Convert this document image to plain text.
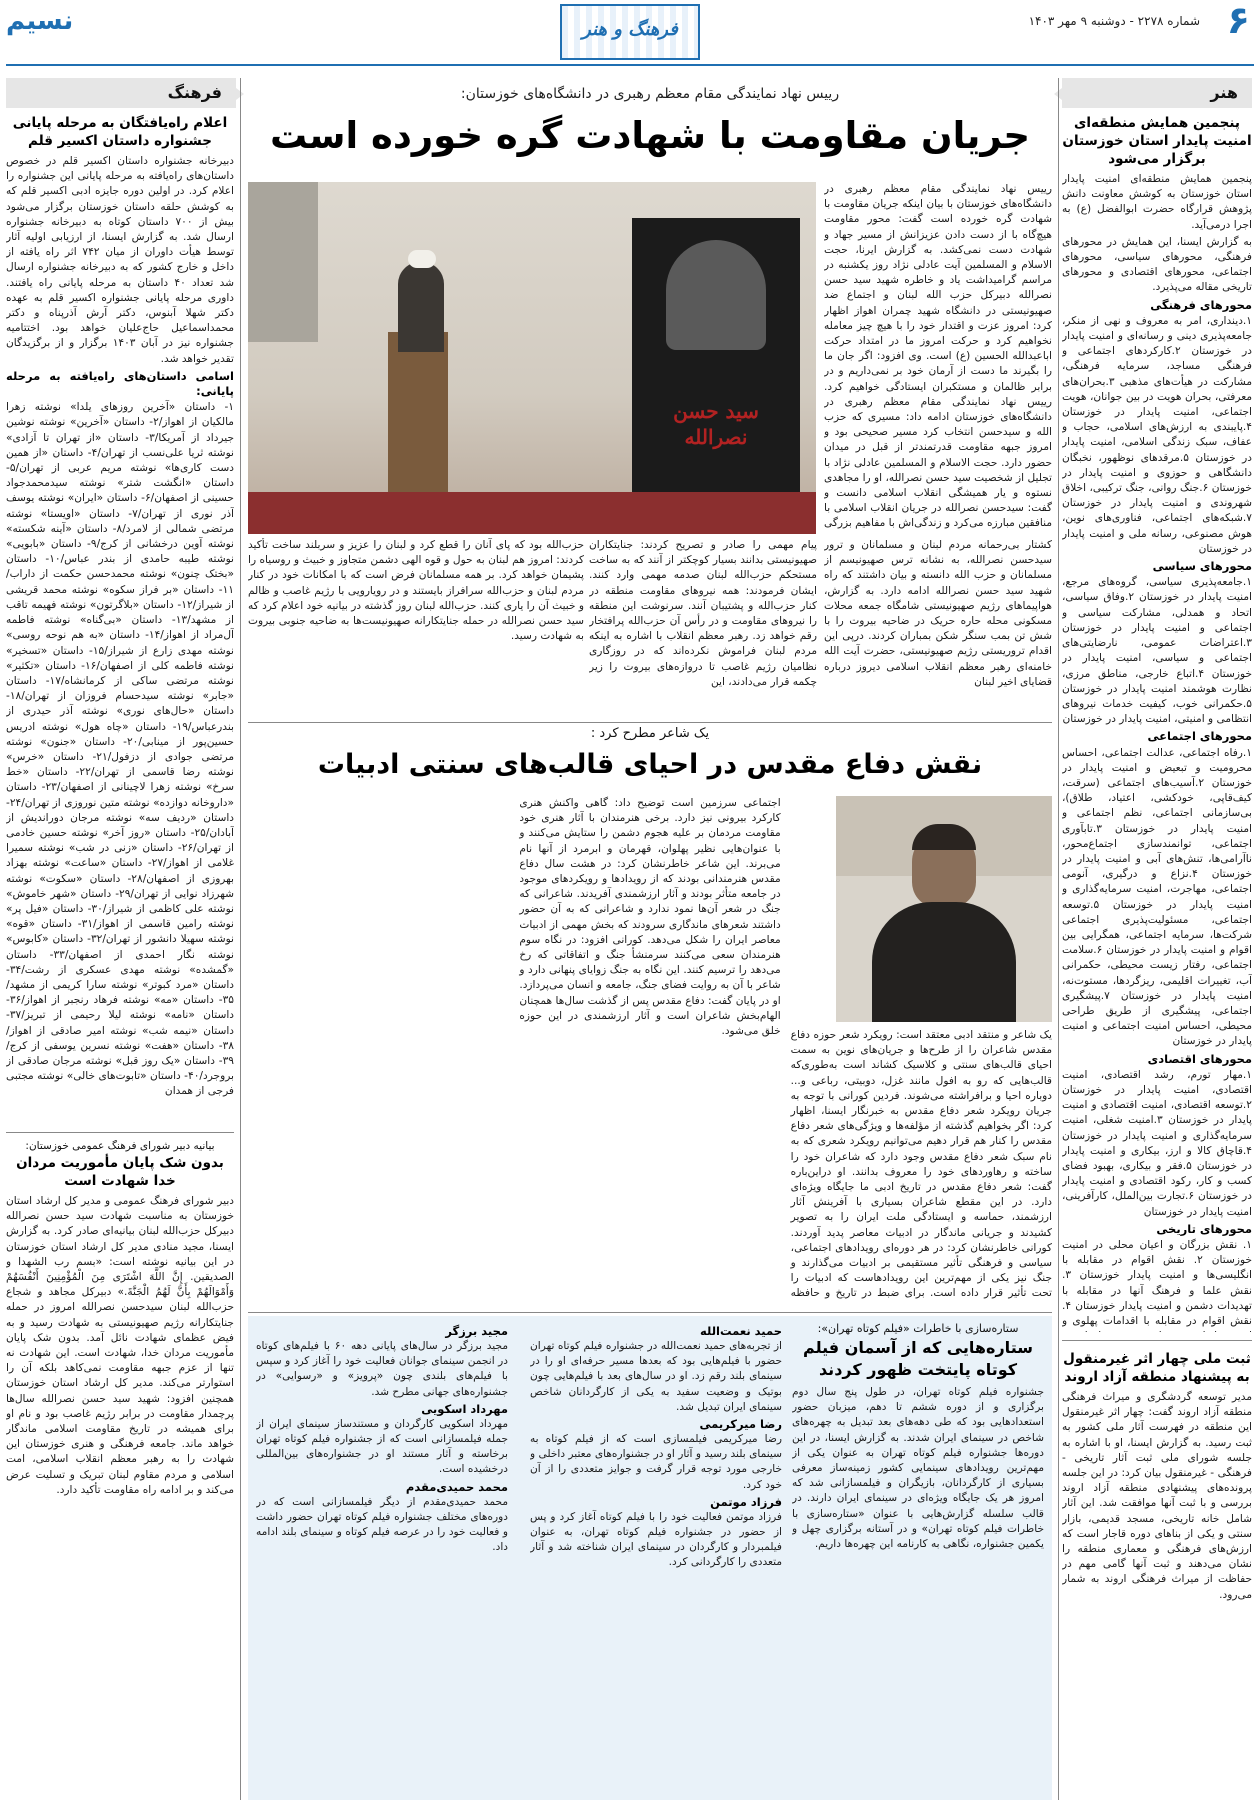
۶
شماره ۲۲۷۸ - دوشنبه ۹ مهر ۱۴۰۳
فرهنگ و هنر
نسیم
هنر
پنجمین همایش منطقه‌ای امنیت پایدار استان خوزستان برگزار می‌شود

پنجمین همایش منطقه‌ای امنیت پایدار استان خوزستان به کوشش معاونت دانش پژوهش قرارگاه حضرت ابوالفضل (ع) به اجرا درمی‌آید.

به گزارش ایسنا، این همایش در محورهای فرهنگی، محورهای سیاسی، محورهای اجتماعی، محورهای اقتصادی و محورهای تاریخی مقاله می‌پذیرد.

محورهای فرهنگی

۱.دینداری، امر به معروف و نهی از منکر، جامعه‌پذیری دینی و رسانه‌ای و امنیت پایدار در خوزستان ۲.کارکردهای اجتماعی و فرهنگی مساجد، سرمایه فرهنگی، مشارکت در هیأت‌های مذهبی ۳.بحران‌های معرفتی، بحران هویت در بین جوانان، هویت اجتماعی، امنیت پایدار در خوزستان ۴.پایبندی به ارزش‌های اسلامی، حجاب و عفاف، سبک زندگی اسلامی، امنیت پایدار در خوزستان ۵.مرقدهای نوظهور، نخبگان دانشگاهی و حوزوی و امنیت پایدار در خوزستان ۶.جنگ روانی، جنگ ترکیبی، اخلاق شهروندی و امنیت پایدار در خوزستان ۷.شبکه‌های اجتماعی، فناوری‌های نوین، هوش مصنوعی، رسانه ملی و امنیت پایدار در خوزستان

محورهای سیاسی

۱.جامعه‌پذیری سیاسی، گروه‌های مرجع، امنیت پایدار در خوزستان ۲.وفاق سیاسی، اتحاد و همدلی، مشارکت سیاسی و اجتماعی و امنیت پایدار در خوزستان ۳.اعتراضات عمومی، نارضایتی‌های اجتماعی و سیاسی، امنیت پایدار در خوزستان ۴.اتباع خارجی، مناطق مرزی، نظارت هوشمند امنیت پایدار در خوزستان ۵.حکمرانی خوب، کیفیت خدمات نیروهای انتظامی و امنیتی، امنیت پایدار در خوزستان

محورهای اجتماعی

۱.رفاه اجتماعی، عدالت اجتماعی، احساس محرومیت و تبعیض و امنیت پایدار در خوزستان ۲.آسیب‌های اجتماعی (سرقت، کیف‌قاپی، خودکشی، اعتیاد، طلاق)، بی‌سازمانی اجتماعی، نظم اجتماعی و امنیت پایدار در خوزستان ۳.تابآوری اجتماعی، توانمندسازی اجتماع‌محور، ناآرامی‌ها، تنش‌های آبی و امنیت پایدار در خوزستان ۴.نزاع و درگیری، آنومی اجتماعی، مهاجرت، امنیت سرمایه‌گذاری و امنیت پایدار در خوزستان ۵.توسعه اجتماعی، مسئولیت‌پذیری اجتماعی شرکت‌ها، سرمایه اجتماعی، همگرایی بین اقوام و امنیت پایدار در خوزستان ۶.سلامت اجتماعی، رفتار زیست محیطی، حکمرانی آب، تغییرات اقلیمی، ریزگردها، مستوت‌نه، امنیت پایدار در خوزستان ۷.پیشگیری اجتماعی، پیشگیری از طریق طراحی محیطی، احساس امنیت اجتماعی و امنیت پایدار در خوزستان

محورهای اقتصادی

۱.مهار تورم، رشد اقتصادی، امنیت اقتصادی، امنیت پایدار در خوزستان ۲.توسعه اقتصادی، امنیت اقتصادی و امنیت پایدار در خوزستان ۳.امنیت شغلی، امنیت سرمایه‌گذاری و امنیت پایدار در خوزستان ۴.قاچاق کالا و ارز، بیکاری و امنیت پایدار در خوزستان ۵.فقر و بیکاری، بهبود فضای کسب و کار، رکود اقتصادی و امنیت پایدار در خوزستان ۶.تجارت بین‌الملل، کارآفرینی، امنیت پایدار در خوزستان

محورهای تاریخی

۱. نقش بزرگان و اعیان محلی در امنیت خوزستان ۲. نقش اقوام در مقابله با انگلیسی‌ها و امنیت پایدار خوزستان ۳. نقش علما و فرهنگ آنها در مقابله با تهدیدات دشمن و امنیت پایدار خوزستان ۴. نقش اقوام در مقابله با اقدامات پهلوی و

ثبت ملی چهار اثر غیرمنقول به پیشنهاد منطقه آزاد اروند

مدیر توسعه گردشگری و میراث فرهنگی منطقه آزاد اروند گفت: چهار اثر غیرمنقول این منطقه در فهرست آثار ملی کشور به ثبت رسید. به گزارش ایسنا، او با اشاره به جلسه شورای ملی ثبت آثار تاریخی - فرهنگی - غیرمنقول بیان کرد: در این جلسه پرونده‌های پیشنهادی منطقه آزاد اروند بررسی و با ثبت آنها موافقت شد. این آثار شامل خانه تاریخی، مسجد قدیمی، بازار سنتی و یکی از بناهای دوره قاجار است که ارزش‌های فرهنگی و معماری منطقه را نشان می‌دهند و ثبت آنها گامی مهم در حفاظت از میراث فرهنگی اروند به شمار می‌رود.

فرهنگ
اعلام راه‌یافتگان به مرحله پایانی جشنواره داستان اکسیر قلم

دبیرخانه جشنواره داستان اکسیر قلم در خصوص داستان‌های راه‌یافته به مرحله پایانی این جشنواره را اعلام کرد. در اولین دوره جایزه ادبی اکسیر قلم که به کوشش حلقه داستان خوزستان برگزار می‌شود بیش از ۷۰۰ داستان کوتاه به دبیرخانه جشنواره ارسال شد. به گزارش ایسنا، از ارزیابی اولیه آثار توسط هیأت داوران از میان ۷۴۲ اثر راه یافته از داخل و خارج کشور که به دبیرخانه جشنواره ارسال شد تعداد ۴۰ داستان به مرحله پایانی راه یافتند. داوری مرحله پایانی جشنواره اکسیر قلم به عهده دکتر شهلا آبنوس، دکتر آرش آذرپناه و دکتر محمداسماعیل حاج‌علیان خواهد بود. اختتامیه جشنواره نیز در آبان ۱۴۰۳ برگزار و از برگزیدگان تقدیر خواهد شد.

اسامی داستان‌های راه‌یافته به مرحله پایانی:

۱- داستان «آخرین روزهای یلدا» نوشته زهرا مالکیان از اهواز/۲- داستان «آخرین» نوشته نوشین جیرداد از آمریکا/۳- داستان «از تهران تا آزادی» نوشته ثریا علی‌نسب از تهران/۴- داستان «از همین دست کاری‌ها» نوشته مریم عربی از تهران/۵- داستان «انگشت شتر» نوشته سیدمحمدجواد حسینی از اصفهان/۶- داستان «ایران» نوشته یوسف آذر نوری از تهران/۷- داستان «اویستا» نوشته مرتضی شمالی از لامرد/۸- داستان «آینه شکسته» نوشته آوین درخشانی از کرج/۹- داستان «بابویی» نوشته طیبه حامدی از بندر عباس/۱۰- داستان «بختک چنون» نوشته محمدحسن حکمت از داراب/۱۱- داستان «بر فراز سکوه» نوشته محمد قریشی از شیراز/۱۲- داستان «بلاگرتون» نوشته فهیمه تاقب از مشهد/۱۳- داستان «بی‌گناه» نوشته فاطمه آل‌مراد از اهواز/۱۴- داستان «به هم نوحه روسی» نوشته مهدی زارع از شیراز/۱۵- داستان «تسخیر» نوشته فاطمه کلی از اصفهان/۱۶- داستان «تکثیر» نوشته مرتضی ساکی از کرمانشاه/۱۷- داستان «جابر» نوشته سیدحسام فروزان از تهران/۱۸- داستان «حال‌های نوری» نوشته آذر حیدری از بندرعباس/۱۹- داستان «چاه هول» نوشته ادریس حسین‌پور از مینابی/۲۰- داستان «جنون» نوشته مرتضی جوادی از دزفول/۲۱- داستان «خرس» نوشته رضا قاسمی از تهران/۲۲- داستان «خط سرخ» نوشته زهرا لاچینانی از اصفهان/۲۳- داستان «داروخانه دوازده» نوشته متین نوروزی از تهران/۲۴- داستان «ردیف سه» نوشته مرجان دوراندیش از آبادان/۲۵- داستان «روز آخر» نوشته حسین خادمی از تهران/۲۶- داستان «زنی در شب» نوشته سمیرا غلامی از اهواز/۲۷- داستان «ساعت» نوشته بهزاد بهروزی از اصفهان/۲۸- داستان «سکوت» نوشته شهرزاد نوایی از تهران/۲۹- داستان «شهر خاموش» نوشته علی کاظمی از شیراز/۳۰- داستان «فیل پر» نوشته رامین قاسمی از اهواز/۳۱- داستان «قوه» نوشته سهیلا دانشور از تهران/۳۲- داستان «کابوس» نوشته نگار احمدی از اصفهان/۳۳- داستان «گمشده» نوشته مهدی عسکری از رشت/۳۴- داستان «مرد کبوتر» نوشته سارا کریمی از مشهد/۳۵- داستان «مه» نوشته فرهاد رنجبر از اهواز/۳۶- داستان «نامه» نوشته لیلا رحیمی از تبریز/۳۷- داستان «نیمه شب» نوشته امیر صادقی از اهواز/۳۸- داستان «هفت» نوشته نسرین یوسفی از کرج/۳۹- داستان «یک روز قبل» نوشته مرجان صادقی از بروجرد/۴۰- داستان «تابوت‌های خالی» نوشته مجتبی فرجی از همدان

بیانیه دبیر شورای فرهنگ عمومی خوزستان:
بدون شک پایان مأموریت مردان خدا شهادت است

دبیر شورای فرهنگ عمومی و مدیر کل ارشاد استان خوزستان به مناسبت شهادت سید حسن نصرالله دبیرکل حزب‌الله لبنان بیانیه‌ای صادر کرد. به گزارش ایسنا، مجید منادی مدیر کل ارشاد استان خوزستان در این بیانیه نوشته است: «بسم رب الشهدا و الصدیقین. إِنَّ اللَّهَ اشْتَرَى مِنَ الْمُؤْمِنِينَ أَنْفُسَهُمْ وَأَمْوَالَهُمْ بِأَنَّ لَهُمُ الْجَنَّةَ.» دبیرکل مجاهد و شجاع حزب‌الله لبنان سیدحسن نصرالله امروز در حمله جنایتکارانه رژیم صهیونیستی به شهادت رسید و به فیض عظمای شهادت نائل آمد. بدون شک پایان مأموریت مردان خدا، شهادت است. این شهادت نه تنها از عزم جبهه مقاومت نمی‌کاهد بلکه آن را استوارتر می‌کند. مدیر کل ارشاد استان خوزستان همچنین افزود: شهید سید حسن نصرالله سال‌ها پرچمدار مقاومت در برابر رژیم غاصب بود و نام او برای همیشه در تاریخ مقاومت اسلامی ماندگار خواهد ماند. جامعه فرهنگی و هنری خوزستان این شهادت را به رهبر معظم انقلاب اسلامی، امت اسلامی و مردم مقاوم لبنان تبریک و تسلیت عرض می‌کند و بر ادامه راه مقاومت تأکید دارد.

رییس نهاد نمایندگی مقام معظم رهبری در دانشگاه‌های خوزستان:
جریان مقاومت با شهادت گره خورده است
سید حسن نصرالله
رییس نهاد نمایندگی مقام معظم رهبری در دانشگاه‌های خوزستان با بیان اینکه جریان مقاومت با شهادت گره خورده است گفت: محور مقاومت هیچ‌گاه با از دست دادن عزیزانش از مسیر جهاد و شهادت دست نمی‌کشد. به گزارش ایرنا، حجت الاسلام و المسلمین آیت عادلی نژاد روز یکشنبه در مراسم گرامیداشت یاد و خاطره شهید سید حسن نصرالله دبیرکل حزب الله لبنان و اجتماع ضد صهیونیستی در دانشگاه شهید چمران اهواز اظهار کرد: امروز عزت و اقتدار خود را با هیچ چیز معامله نخواهیم کرد و حرکت امروز ما در امتداد حرکت اباعبدالله الحسین (ع) است. وی افزود: اگر جان ما را بگیرند ما دست از آرمان خود بر نمی‌داریم و در برابر ظالمان و مستکبران ایستادگی خواهیم کرد. رییس نهاد نمایندگی مقام معظم رهبری در دانشگاه‌های خوزستان ادامه داد: مسیری که حزب الله و سیدحسن انتخاب کرد مسیر صحیحی بود و امروز جبهه مقاومت قدرتمندتر از قبل در میدان حضور دارد. حجت الاسلام و المسلمین عادلی نژاد با تجلیل از شخصیت سید حسن نصرالله، او را مجاهدی نستوه و یار همیشگی انقلاب اسلامی دانست و گفت: سیدحسن نصرالله در جریان انقلاب اسلامی با منافقین مبارزه می‌کرد و زندگی‌اش با مفاهیم بزرگی
کشتار بی‌رحمانه مردم لبنان و مسلمانان و ترور سیدحسن نصرالله، به نشانه ترس صهیونیسم از مسلمانان و حزب الله دانسته و بیان داشتند که راه شهید سید حسن نصرالله ادامه دارد. به گزارش، هواپیماهای رژیم صهیونیستی شامگاه جمعه محلات مسکونی محله حاره حریک در ضاحیه بیروت را با شش تن بمب سنگر شکن بمباران کردند. درپی این اقدام تروریستی رژیم صهیونیستی، حضرت آیت الله خامنه‌ای رهبر معظم انقلاب اسلامی دیروز درباره قضایای اخیر لبنان
پیام مهمی را صادر و تصریح کردند: جنایتکاران صهیونیستی بدانند بسیار کوچکتر از آنند که به ساخت مستحکم حزب‌الله لبنان صدمه مهمی وارد کنند. ایشان فرمودند: همه نیروهای مقاومت منطقه در کنار حزب‌الله و پشتیبان آنند. سرنوشت این منطقه را نیروهای مقاومت و در رأس آن حزب‌الله پرافتخار رقم خواهد زد. رهبر معظم انقلاب با اشاره به اینکه مردم لبنان فراموش نکرده‌اند که در روزگاری نظامیان رژیم غاصب تا دروازه‌های بیروت را زیر چکمه قرار می‌دادند، این
حزب‌الله بود که پای آنان را قطع کرد و لبنان را عزیز و سربلند ساخت تأکید کردند: امروز هم لبنان به حول و قوه الهی دشمن متجاوز و خبیث و روسیاه را پشیمان خواهد کرد. بر همه مسلمانان فرض است که با امکانات خود در کنار مردم لبنان و حزب‌الله سرافراز بایستند و در رویارویی با رژیم غاصب و ظالم و خبیث آن را یاری کنند. حزب‌الله لبنان روز گذشته در بیانیه خود اعلام کرد که سید حسن نصرالله در حمله جنایتکارانه صهیونیست‌ها به ضاحیه جنوبی بیروت به شهادت رسید.
یک شاعر مطرح کرد :
نقش دفاع مقدس در احیای قالب‌های سنتی ادبیات
یک شاعر و منتقد ادبی معتقد است: رویکرد شعر حوزه دفاع مقدس شاعران را از طرح‌ها و جریان‌های نوین به سمت احیای قالب‌های سنتی و کلاسیک کشاند است به‌طوری‌که قالب‌هایی که رو به افول مانند غزل، دوبیتی، رباعی و... دوباره احیا و برافراشته می‌شوند. فردین کورانی با توجه به جریان رویکرد شعر دفاع مقدس به خبرنگار ایسنا، اظهار کرد: اگر بخواهیم گذشته از مؤلفه‌ها و ویژگی‌های شعر دفاع مقدس را کنار هم قرار دهیم می‌توانیم رویکرد شعری که به نام سبک شعر دفاع مقدس وجود دارد که شاعران خود را ساخته و رهاوردهای خود را معروف بدانند. او دراین‌باره گفت: شعر دفاع مقدس در تاریخ ادبی ما جایگاه ویژه‌ای دارد. در این مقطع شاعران بسیاری با آفرینش آثار ارزشمند، حماسه و ایستادگی ملت ایران را به تصویر کشیدند و جریانی ماندگار در ادبیات معاصر پدید آوردند. کورانی خاطرنشان کرد: در هر دوره‌ای رویدادهای اجتماعی، سیاسی و فرهنگی تأثیر مستقیمی بر ادبیات می‌گذارند و جنگ نیز یکی از مهم‌ترین این رویدادهاست که ادبیات را تحت تأثیر قرار داده است. برای ضبط در تاریخ و حافظه اجتماعی سرزمین است توضیح داد: گاهی واکنش هنری کارکرد بیرونی نیز دارد. برخی هنرمندان با آثار هنری خود مقاومت مردمان بر علیه هجوم دشمن را ستایش می‌کنند و با عنوان‌هایی نظیر پهلوان، قهرمان و ابرمرد از آنها نام می‌برند. این شاعر خاطرنشان کرد: در هشت سال دفاع مقدس هنرمندانی بودند که از رویدادها و رویکردهای موجود در جامعه متأثر بودند و آثار ارزشمندی آفریدند. شاعرانی که جنگ در شعر آن‌ها نمود ندارد و شاعرانی که به آن حضور داشتند شعرهای ماندگاری سرودند که بخش مهمی از ادبیات معاصر ایران را شکل می‌دهد. کورانی افزود: در نگاه سوم هنرمندان سعی می‌کنند سرمنشأ جنگ و اتفاقاتی که رخ می‌دهد را ترسیم کنند. این نگاه به جنگ زوایای پنهانی دارد و شاعر با آن به روایت فضای جنگ، جامعه و انسان می‌پردازد. او در پایان گفت: دفاع مقدس پس از گذشت سال‌ها همچنان الهام‌بخش شاعران است و آثار ارزشمندی در این حوزه خلق می‌شود.
ستاره‌سازی با خاطرات «فیلم کوتاه تهران»:
ستاره‌هایی که از آسمان فیلم کوتاه پایتخت ظهور کردند
جشنواره فیلم کوتاه تهران، در طول پنج سال دوم برگزاری و از دوره ششم تا دهم، میزبان حضور استعدادهایی بود که طی دهه‌های بعد تبدیل به چهره‌های شاخص در سینمای ایران شدند. به گزارش ایسنا، در این دوره‌ها جشنواره فیلم کوتاه تهران به عنوان یکی از مهم‌ترین رویدادهای سینمایی کشور زمینه‌ساز معرفی بسیاری از کارگردانان، بازیگران و فیلمسازانی شد که امروز هر یک جایگاه ویژه‌ای در سینمای ایران دارند. در قالب سلسله گزارش‌هایی با عنوان «ستاره‌سازی با خاطرات فیلم کوتاه تهران» و در آستانه برگزاری چهل و یکمین جشنواره، نگاهی به کارنامه این چهره‌ها داریم.
حمید نعمت‌الله
از تجربه‌های حمید نعمت‌الله در جشنواره فیلم کوتاه تهران حضور با فیلم‌هایی بود که بعدها مسیر حرفه‌ای او را در سینمای بلند رقم زد. او در سال‌های بعد با فیلم‌هایی چون بوتیک و وضعیت سفید به یکی از کارگردانان شاخص سینمای ایران تبدیل شد.
رضا میرکریمی
رضا میرکریمی فیلمسازی است که از فیلم کوتاه به سینمای بلند رسید و آثار او در جشنواره‌های معتبر داخلی و خارجی مورد توجه قرار گرفت و جوایز متعددی را از آن خود کرد.
فرزاد موتمن
فرزاد موتمن فعالیت خود را با فیلم کوتاه آغاز کرد و پس از حضور در جشنواره فیلم کوتاه تهران، به عنوان فیلمبردار و کارگردان در سینمای ایران شناخته شد و آثار متعددی را کارگردانی کرد.
مجید برزگر
مجید برزگر در سال‌های پایانی دهه ۶۰ با فیلم‌های کوتاه در انجمن سینمای جوانان فعالیت خود را آغاز کرد و سپس با فیلم‌های بلندی چون «پرویز» و «رسوایی» در جشنواره‌های جهانی مطرح شد.
مهرداد اسکویی
مهرداد اسکویی کارگردان و مستندساز سینمای ایران از جمله فیلمسازانی است که از جشنواره فیلم کوتاه تهران برخاسته و آثار مستند او در جشنواره‌های بین‌المللی درخشیده است.
محمد حمیدی‌مقدم
محمد حمیدی‌مقدم از دیگر فیلمسازانی است که در دوره‌های مختلف جشنواره فیلم کوتاه تهران حضور داشت و فعالیت خود را در عرصه فیلم کوتاه و سینمای بلند ادامه داد.
